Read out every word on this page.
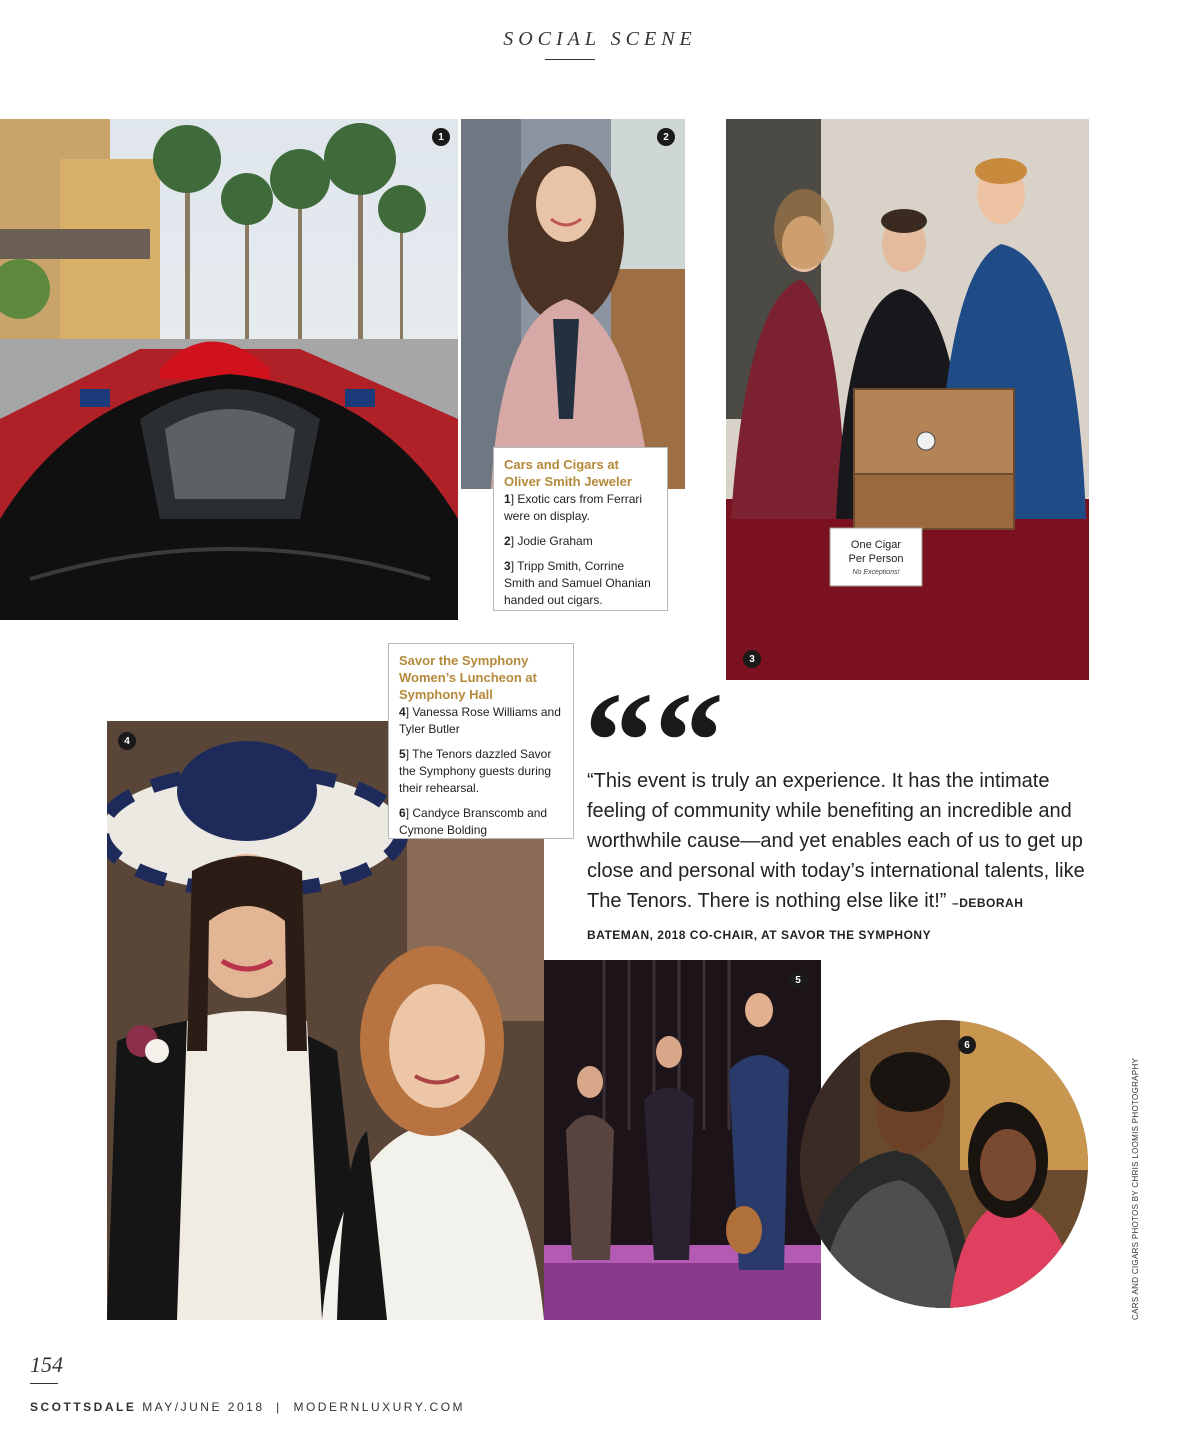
SOCIAL SCENE
1	2
Cars and Cigars at Oliver Smith Jeweler
1] Exotic cars from Ferrari were on display.
2] Jodie Graham
3] Tripp Smith, Corrine Smith and Samuel Ohanian handed out cigars.
One Cigar
Per Person
No Exceptions!
3
4
Savor the Symphony Women’s Luncheon at Symphony Hall
4] Vanessa Rose Williams and Tyler Butler
5] The Tenors dazzled Savor the Symphony guests during their rehearsal.
6] Candyce Branscomb and Cymone Bolding
““
“This event is truly an experience. It has the intimate feeling of community while benefiting an incredible and worthwhile cause—and yet enables each of us to get up close and personal with today’s international talents, like The Tenors. There is nothing else like it!” –DEBORAH BATEMAN, 2018 CO-CHAIR, AT SAVOR THE SYMPHONY
5
6
CARS AND CIGARS PHOTOS BY CHRIS LOOMIS PHOTOGRAPHY
154
SCOTTSDALE MAY/JUNE 2018 | MODERNLUXURY.COM
